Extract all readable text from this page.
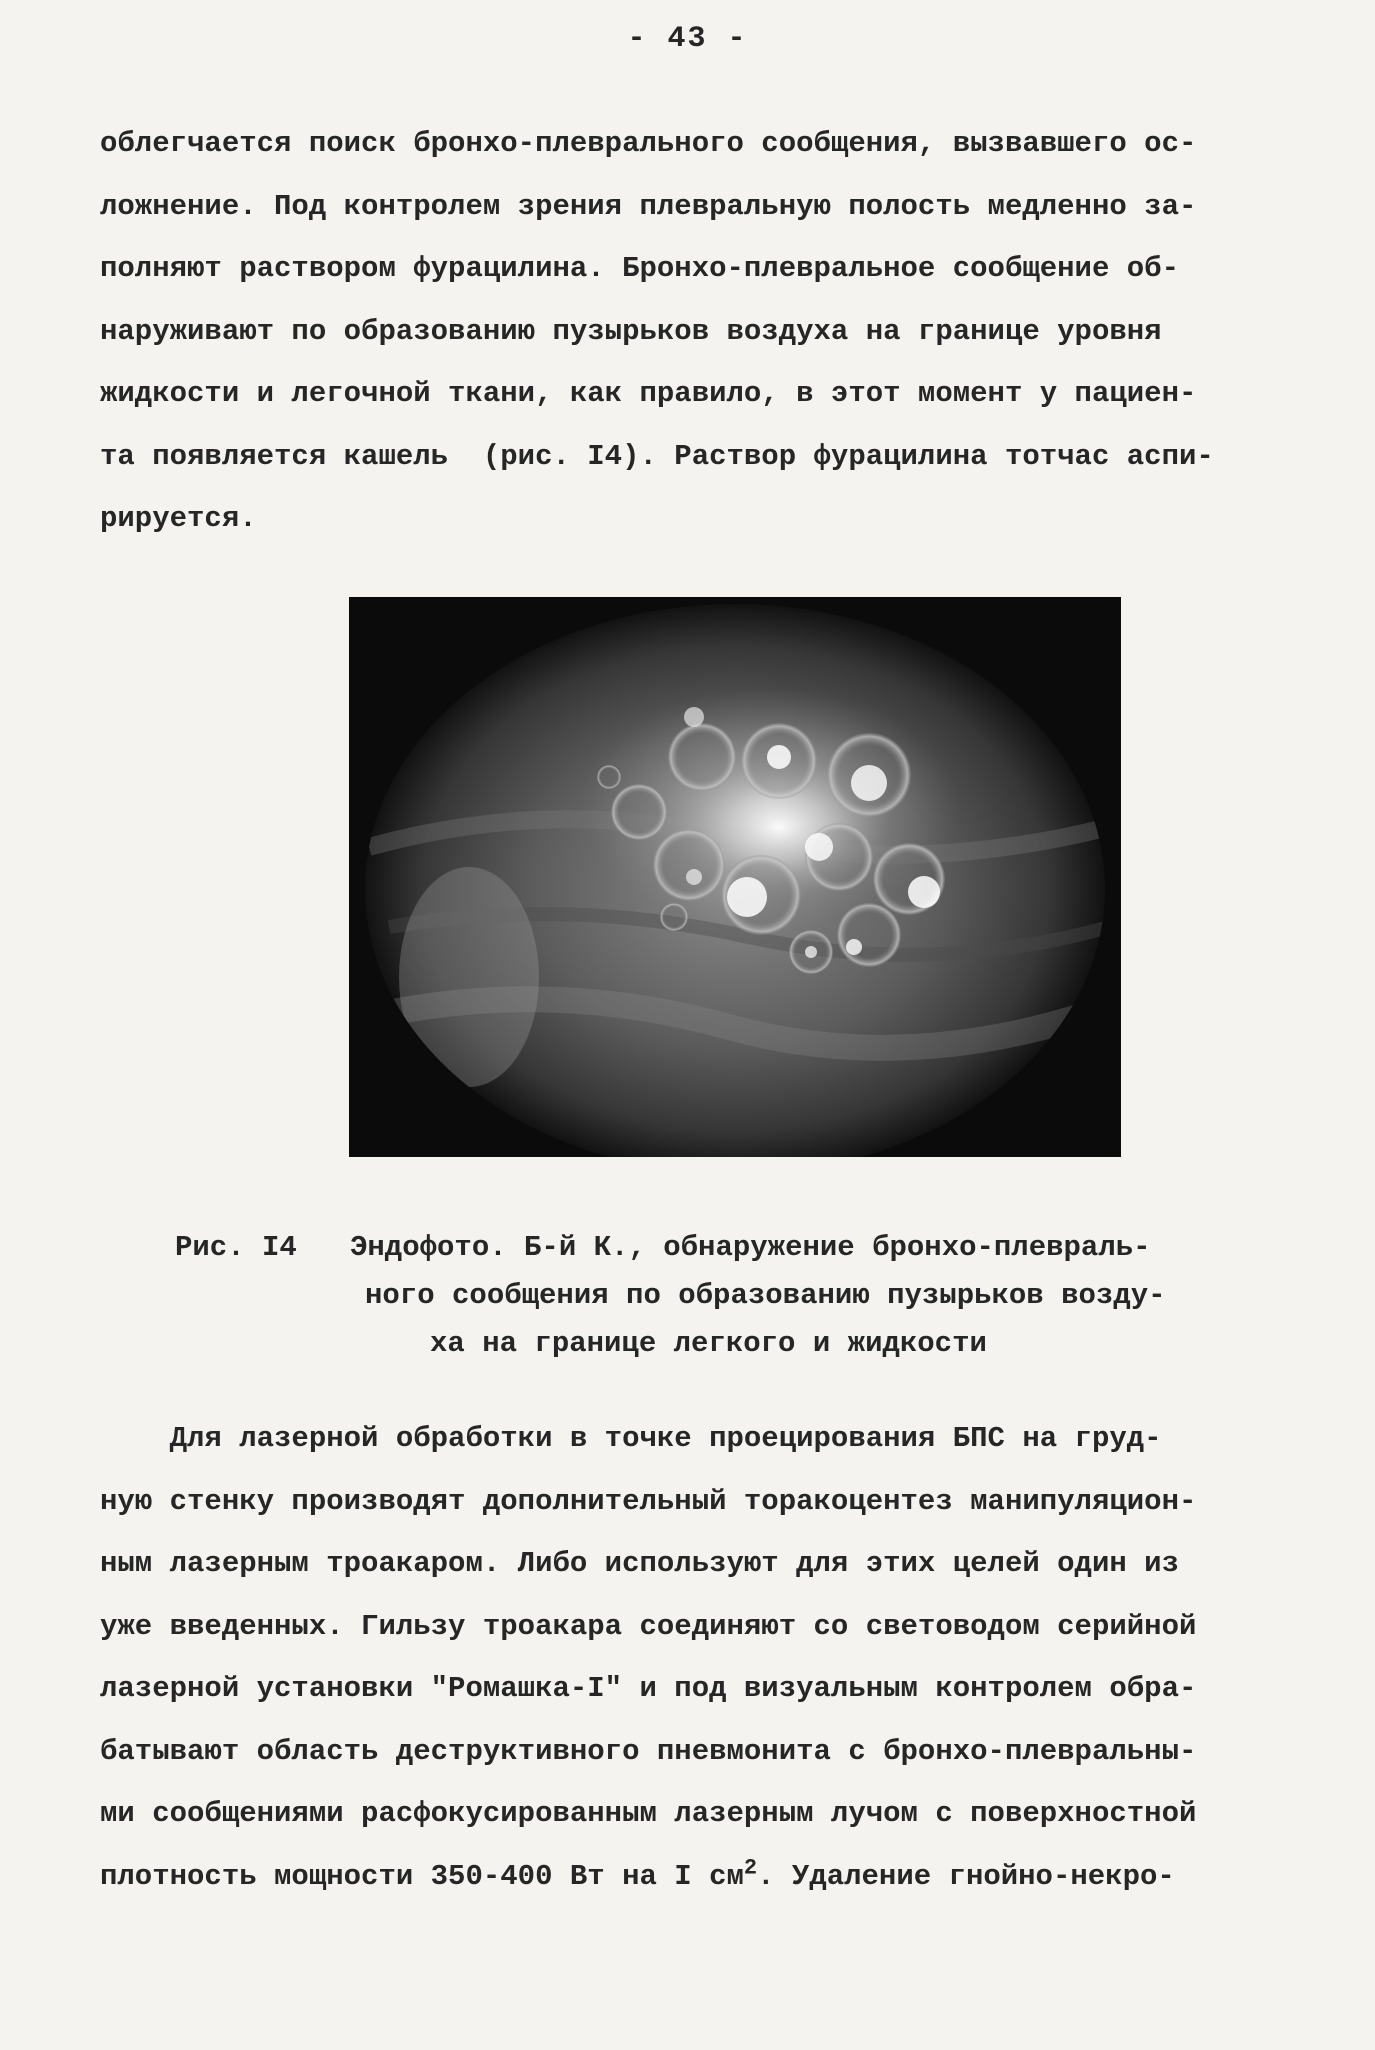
- 43 -
облегчается поиск бронхо-плеврального сообщения, вызвавшего ос-
ложнение. Под контролем зрения плевральную полость медленно за-
полняют раствором фурацилина. Бронхо-плевральное сообщение об-
наруживают по образованию пузырьков воздуха на границе уровня
жидкости и легочной ткани, как правило, в этот момент у пациен-
та появляется кашель  (рис. I4). Раствор фурацилина тотчас аспи-
рируется.
Рис. I4 Эндофото. Б-й К., обнаружение бронхо-плевраль-
ного сообщения по образованию пузырьков возду-
ха на границе легкого и жидкости
Для лазерной обработки в точке проецирования БПС на груд-
ную стенку производят дополнительный торакоцентез манипуляцион-
ным лазерным троакаром. Либо используют для этих целей один из
уже введенных. Гильзу троакара соединяют со световодом серийной
лазерной установки "Ромашка-I" и под визуальным контролем обра-
батывают область деструктивного пневмонита с бронхо-плевральны-
ми сообщениями расфокусированным лазерным лучом с поверхностной
плотность мощности 350-400 Вт на I $см^2$. Удаление гнойно-некро-
